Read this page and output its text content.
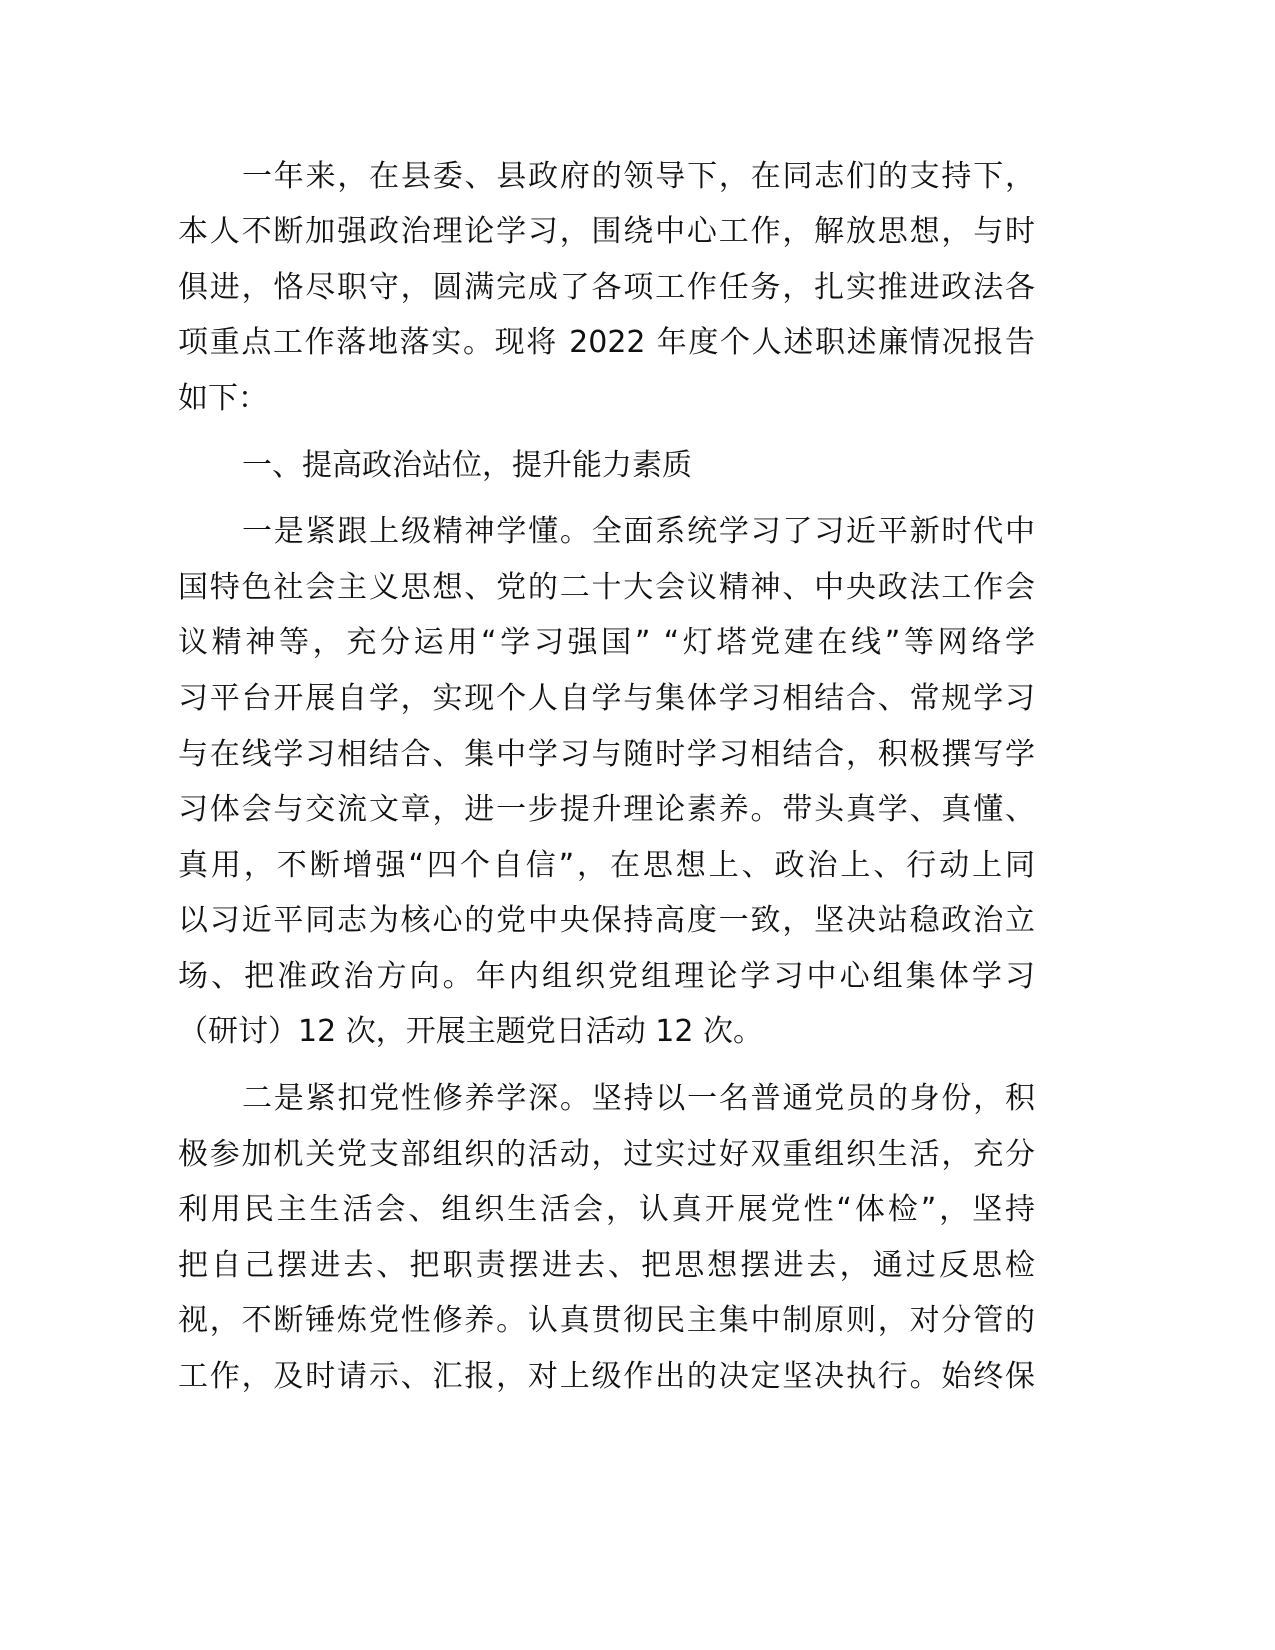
一年来，在县委、县政府的领导下，在同志们的支持下，
本人不断加强政治理论学习，围绕中心工作，解放思想，与时
俱进，恪尽职守，圆满完成了各项工作任务，扎实推进政法各
项重点工作落地落实。现将 2022 年度个人述职述廉情况报告
如下：
一、提高政治站位，提升能力素质
一是紧跟上级精神学懂。全面系统学习了习近平新时代中
国特色社会主义思想、党的二十大会议精神、中央政法工作会
议精神等，充分运用“学习强国” “灯塔党建在线”等网络学
习平台开展自学，实现个人自学与集体学习相结合、常规学习
与在线学习相结合、集中学习与随时学习相结合，积极撰写学
习体会与交流文章，进一步提升理论素养。带头真学、真懂、
真用，不断增强“四个自信”，在思想上、政治上、行动上同
以习近平同志为核心的党中央保持高度一致，坚决站稳政治立
场、把准政治方向。年内组织党组理论学习中心组集体学习
（研讨）12 次，开展主题党日活动 12 次。
二是紧扣党性修养学深。坚持以一名普通党员的身份，积
极参加机关党支部组织的活动，过实过好双重组织生活，充分
利用民主生活会、组织生活会，认真开展党性“体检”，坚持
把自己摆进去、把职责摆进去、把思想摆进去，通过反思检
视，不断锤炼党性修养。认真贯彻民主集中制原则，对分管的
工作，及时请示、汇报，对上级作出的决定坚决执行。始终保
